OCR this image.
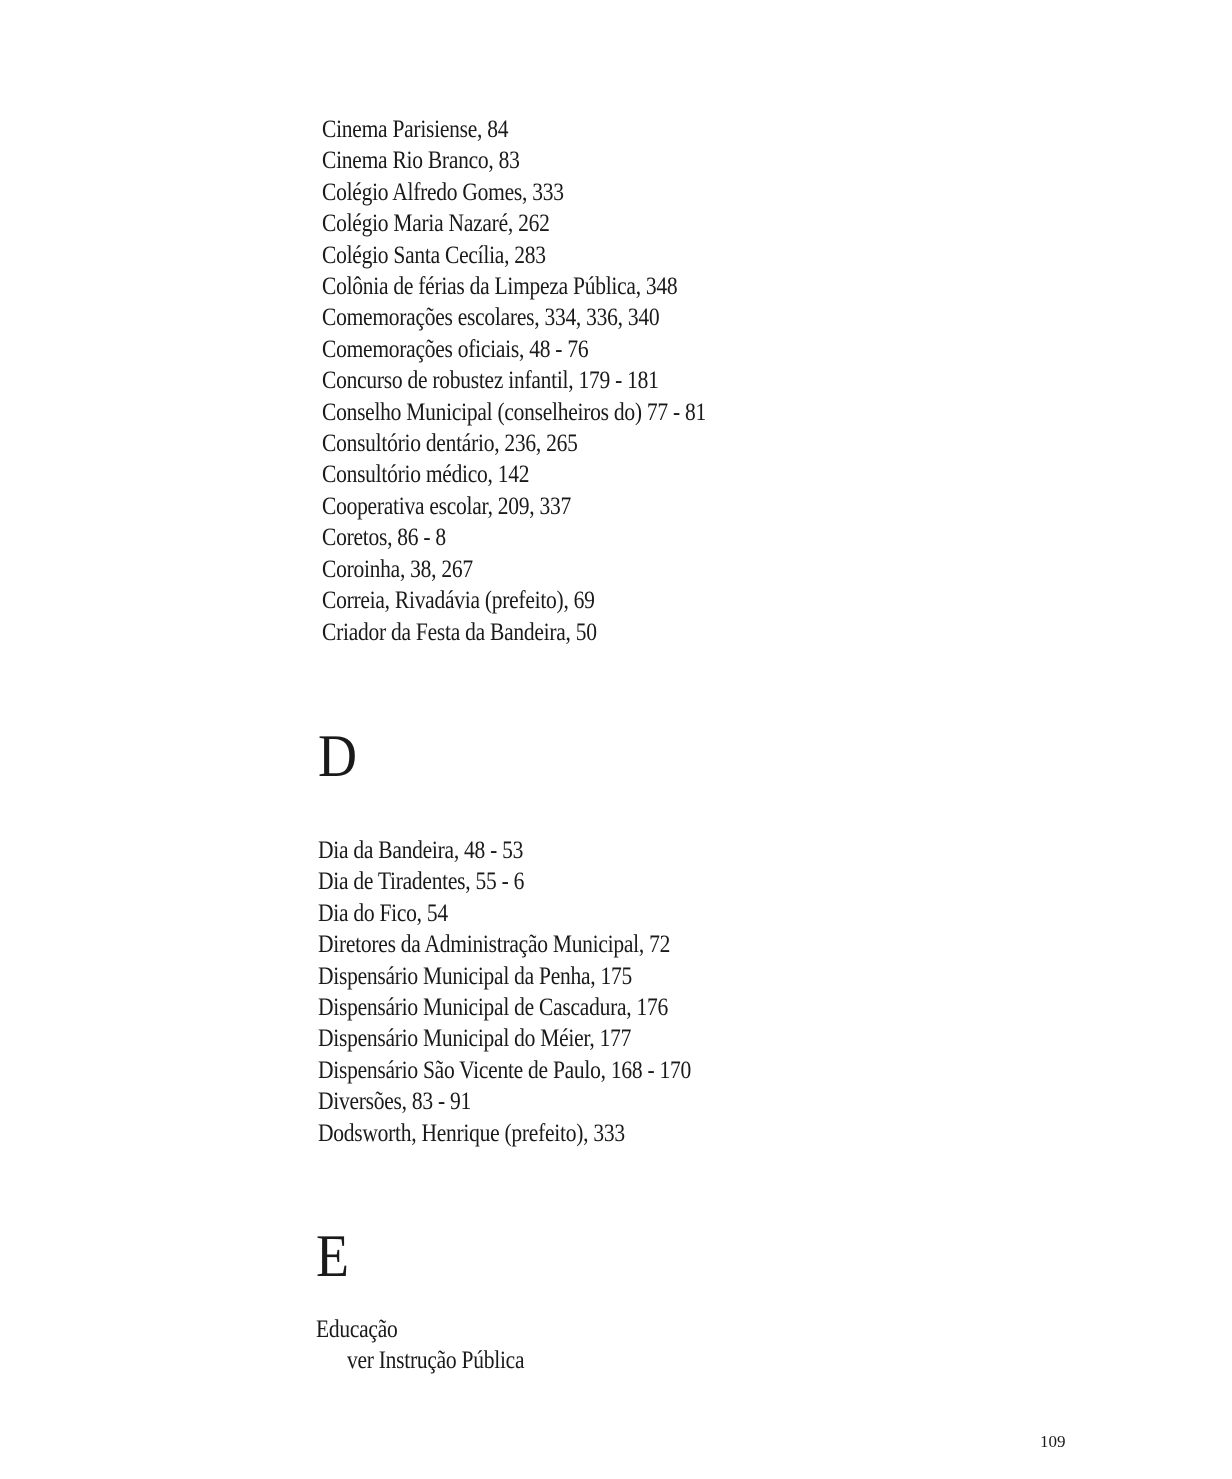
Cinema Parisiense, 84
Cinema Rio Branco, 83
Colégio Alfredo Gomes, 333
Colégio Maria Nazaré, 262
Colégio Santa Cecília, 283
Colônia de férias da Limpeza Pública, 348
Comemorações escolares, 334, 336, 340
Comemorações oficiais, 48 - 76
Concurso de robustez infantil, 179 - 181
Conselho Municipal (conselheiros do) 77 - 81
Consultório dentário, 236, 265
Consultório médico, 142
Cooperativa escolar, 209, 337
Coretos, 86 - 8
Coroinha, 38, 267
Correia, Rivadávia (prefeito), 69
Criador da Festa da Bandeira, 50
D
Dia da Bandeira, 48 - 53
Dia de Tiradentes, 55 - 6
Dia do Fico, 54
Diretores da Administração Municipal, 72
Dispensário Municipal da Penha, 175
Dispensário Municipal de Cascadura, 176
Dispensário Municipal do Méier, 177
Dispensário São Vicente de Paulo, 168 - 170
Diversões, 83 - 91
Dodsworth, Henrique (prefeito), 333
E
Educação
ver Instrução Pública
109
